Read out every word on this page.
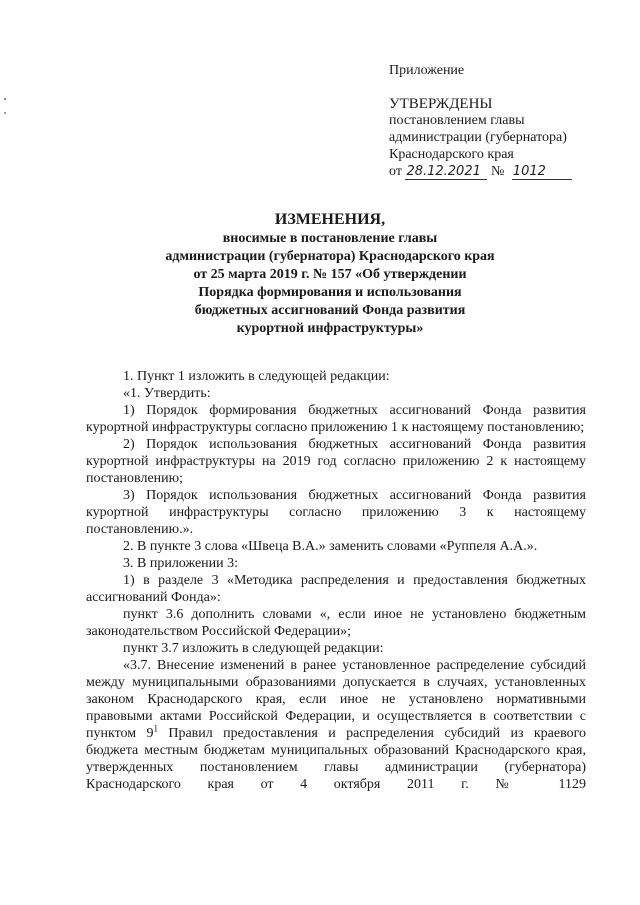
Приложение
УТВЕРЖДЕНЫ
постановлением главы
администрации (губернатора)
Краснодарского края
от 28.12.2021 № 1012
ИЗМЕНЕНИЯ,
вносимые в постановление главы
администрации (губернатора) Краснодарского края
от 25 марта 2019 г. № 157 «Об утверждении
Порядка формирования и использования
бюджетных ассигнований Фонда развития
курортной инфраструктуры»

1. Пункт 1 изложить в следующей редакции:

«1. Утвердить:

1) Порядок формирования бюджетных ассигнований Фонда развития курортной инфраструктуры согласно приложению 1 к настоящему постановлению;

2) Порядок использования бюджетных ассигнований Фонда развития курортной инфраструктуры на 2019 год согласно приложению 2 к настоящему постановлению;

3) Порядок использования бюджетных ассигнований Фонда развития курортной инфраструктуры согласно приложению 3 к настоящему постановлению.».

2. В пункте 3 слова «Швеца В.А.» заменить словами «Руппеля А.А.».

3. В приложении 3:

1) в разделе 3 «Методика распределения и предоставления бюджетных ассигнований Фонда»:

пункт 3.6 дополнить словами «, если иное не установлено бюджетным законодательством Российской Федерации»;

пункт 3.7 изложить в следующей редакции:

«3.7. Внесение изменений в ранее установленное распределение субсидий между муниципальными образованиями допускается в случаях, установленных законом Краснодарского края, если иное не установлено нормативными правовыми актами Российской Федерации, и осуществляется в соответствии с пунктом $9^1$ Правил предоставления и распределения субсидий из краевого бюджета местным бюджетам муниципальных образований Краснодарского края, утвержденных постановлением главы администрации (губернатора) Краснодарского края от 4 октября 2011 г. № 1129
